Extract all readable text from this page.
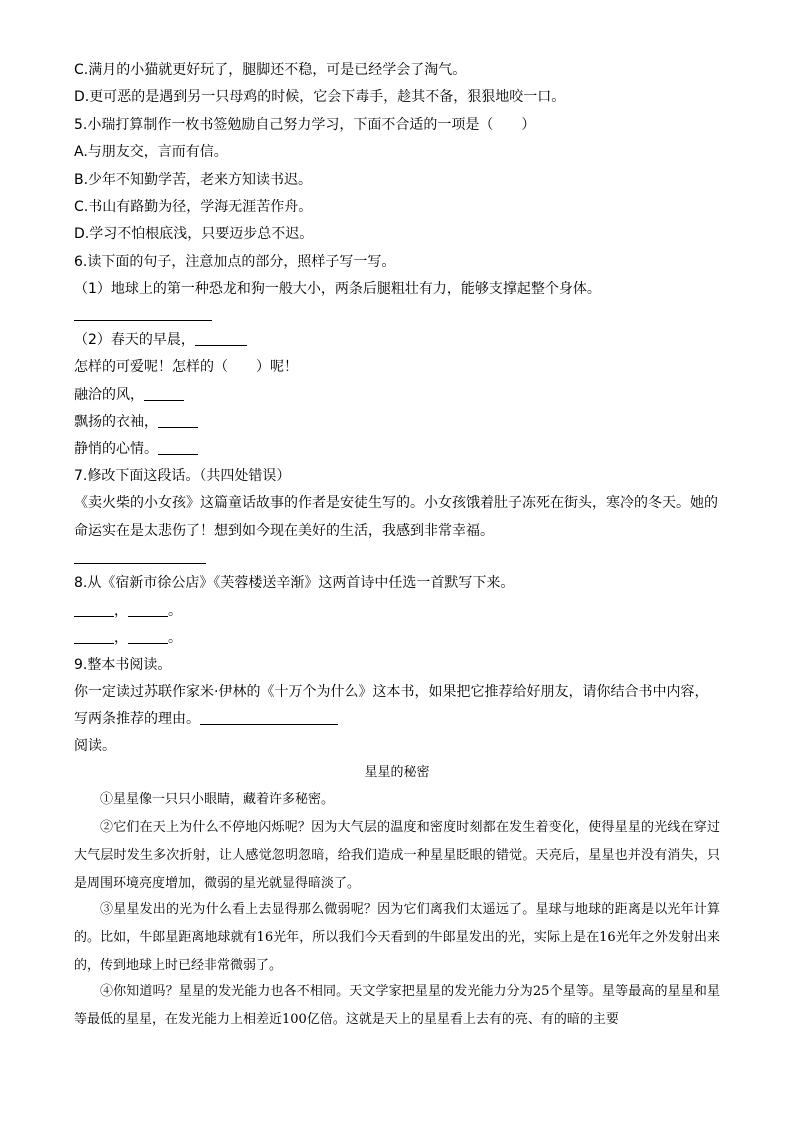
C.满月的小猫就更好玩了，腿脚还不稳，可是已经学会了淘气。
D.更可恶的是遇到另一只母鸡的时候，它会下毒手，趁其不备，狠狠地咬一口。
5.小瑞打算制作一枚书签勉励自己努力学习，下面不合适的一项是（　　）
A.与朋友交，言而有信。
B.少年不知勤学苦，老来方知读书迟。
C.书山有路勤为径，学海无涯苦作舟。
D.学习不怕根底浅，只要迈步总不迟。
6.读下面的句子，注意加点的部分，照样子写一写。
（1）地球上的第一种恐龙和狗一般大小，两条后腿粗壮有力，能够支撑起整个身体。
（2）春天的早晨，
怎样的可爱呢！怎样的（　　）呢！
融洽的风，
飘扬的衣袖，
静悄的心情。
7.修改下面这段话。（共四处错误）
《卖火柴的小女孩》这篇童话故事的作者是安徒生写的。小女孩饿着肚子冻死在街头，寒冷的冬天。她的
命运实在是太悲伤了！想到如今现在美好的生活，我感到非常幸福。
8.从《宿新市徐公店》《芙蓉楼送辛渐》这两首诗中任选一首默写下来。
，	。
，	。
9.整本书阅读。
你一定读过苏联作家米·伊林的《十万个为什么》这本书，如果把它推荐给好朋友，请你结合书中内容，
写两条推荐的理由。
阅读。
星星的秘密
①星星像一只只小眼睛，藏着许多秘密。
②它们在天上为什么不停地闪烁呢？因为大气层的温度和密度时刻都在发生着变化，使得星星的光线在穿过大气层时发生多次折射，让人感觉忽明忽暗，给我们造成一种星星眨眼的错觉。天亮后，星星也并没有消失，只是周围环境亮度增加，微弱的星光就显得暗淡了。
③星星发出的光为什么看上去显得那么微弱呢？因为它们离我们太遥远了。星球与地球的距离是以光年计算的。比如，牛郎星距离地球就有16光年，所以我们今天看到的牛郎星发出的光，实际上是在16光年之外发射出来的，传到地球上时已经非常微弱了。
④你知道吗？星星的发光能力也各不相同。天文学家把星星的发光能力分为25个星等。星等最高的星星和星等最低的星星，在发光能力上相差近100亿倍。这就是天上的星星看上去有的亮、有的暗的主要
